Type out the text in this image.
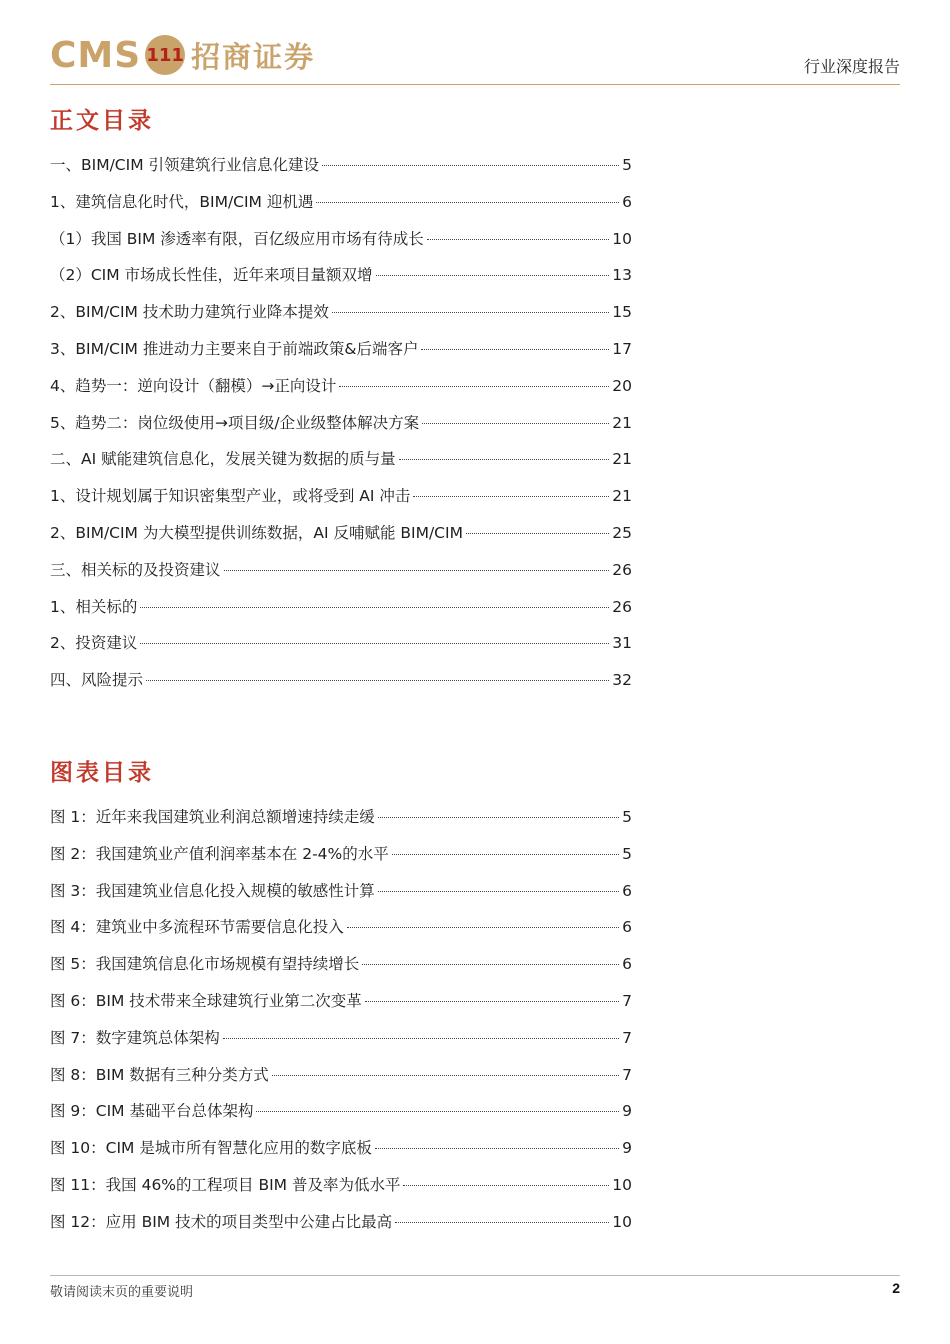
CMS 111 招商证券	行业深度报告
正文目录
一、BIM/CIM 引领建筑行业信息化建设	5
1、建筑信息化时代，BIM/CIM 迎机遇	6
（1）我国 BIM 渗透率有限，百亿级应用市场有待成长	10
（2）CIM 市场成长性佳，近年来项目量额双增	13
2、BIM/CIM 技术助力建筑行业降本提效	15
3、BIM/CIM 推进动力主要来自于前端政策&后端客户	17
4、趋势一：逆向设计（翻模）→正向设计	20
5、趋势二：岗位级使用→项目级/企业级整体解决方案	21
二、AI 赋能建筑信息化，发展关键为数据的质与量	21
1、设计规划属于知识密集型产业，或将受到 AI 冲击	21
2、BIM/CIM 为大模型提供训练数据，AI 反哺赋能 BIM/CIM	25
三、相关标的及投资建议	26
1、相关标的	26
2、投资建议	31
四、风险提示	32
图表目录
图 1：近年来我国建筑业利润总额增速持续走缓	5
图 2：我国建筑业产值利润率基本在 2-4%的水平	5
图 3：我国建筑业信息化投入规模的敏感性计算	6
图 4：建筑业中多流程环节需要信息化投入	6
图 5：我国建筑信息化市场规模有望持续增长	6
图 6：BIM 技术带来全球建筑行业第二次变革	7
图 7：数字建筑总体架构	7
图 8：BIM 数据有三种分类方式	7
图 9：CIM 基础平台总体架构	9
图 10：CIM 是城市所有智慧化应用的数字底板	9
图 11：我国 46%的工程项目 BIM 普及率为低水平	10
图 12：应用 BIM 技术的项目类型中公建占比最高	10
敬请阅读末页的重要说明	2
